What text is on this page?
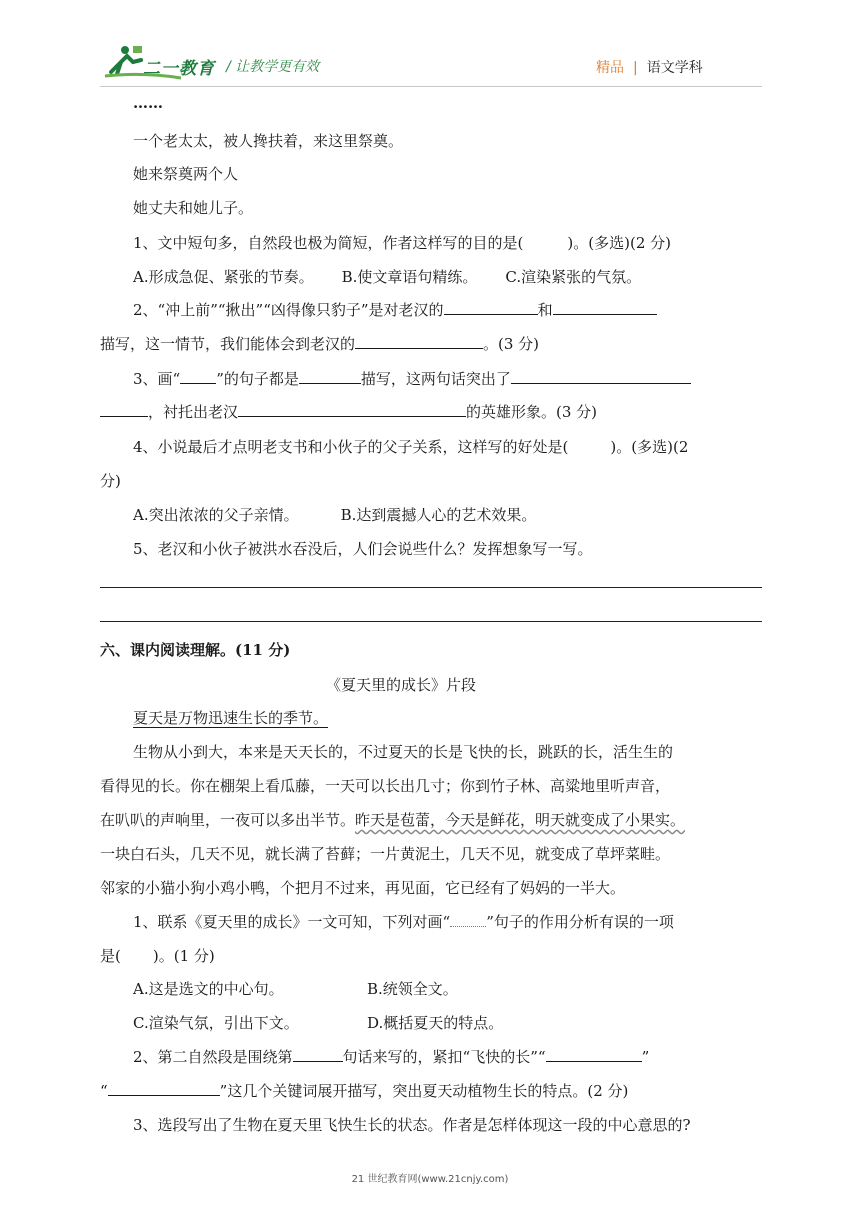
二一教育 / 让教学更有效	精品 | 语文学科
……
一个老太太，被人搀扶着，来这里祭奠。
她来祭奠两个人
她丈夫和她儿子。
1、文中短句多，自然段也极为简短，作者这样写的目的是(	)。(多选)(2 分)
A.形成急促、紧张的节奏。 B.使文章语句精练。 C.渲染紧张的气氛。
2、“冲上前”“揪出”“凶得像只豹子”是对老汉的	和
描写，这一情节，我们能体会到老汉的	。(3 分)
3、画“ ”的句子都是	描写，这两句话突出了
，衬托出老汉	的英雄形象。(3 分)
4、小说最后才点明老支书和小伙子的父子关系，这样写的好处是(	)。(多选)(2
分)
A.突出浓浓的父子亲情。	B.达到震撼人心的艺术效果。
5、老汉和小伙子被洪水吞没后，人们会说些什么？发挥想象写一写。
六、课内阅读理解。(11 分)
《夏天里的成长》片段
夏天是万物迅速生长的季节。
生物从小到大，本来是天天长的，不过夏天的长是飞快的长，跳跃的长，活生生的
看得见的长。你在棚架上看瓜藤，一天可以长出几寸；你到竹子林、高粱地里听声音，
在叭叭的声响里，一夜可以多出半节。昨天是苞蕾，今天是鲜花，明天就变成了小果实。
一块白石头，几天不见，就长满了苔藓；一片黄泥土，几天不见，就变成了草坪菜畦。
邻家的小猫小狗小鸡小鸭，个把月不过来，再见面，它已经有了妈妈的一半大。
1、联系《夏天里的成长》一文可知，下列对画“ ”句子的作用分析有误的一项
是( )。(1 分)
A.这是选文的中心句。	B.统领全文。
C.渲染气氛，引出下文。	D.概括夏天的特点。
2、第二自然段是围绕第	句话来写的，紧扣“飞快的长”“	”
“	”这几个关键词展开描写，突出夏天动植物生长的特点。(2 分)
3、选段写出了生物在夏天里飞快生长的状态。作者是怎样体现这一段的中心意思的?
21 世纪教育网(www.21cnjy.com)
